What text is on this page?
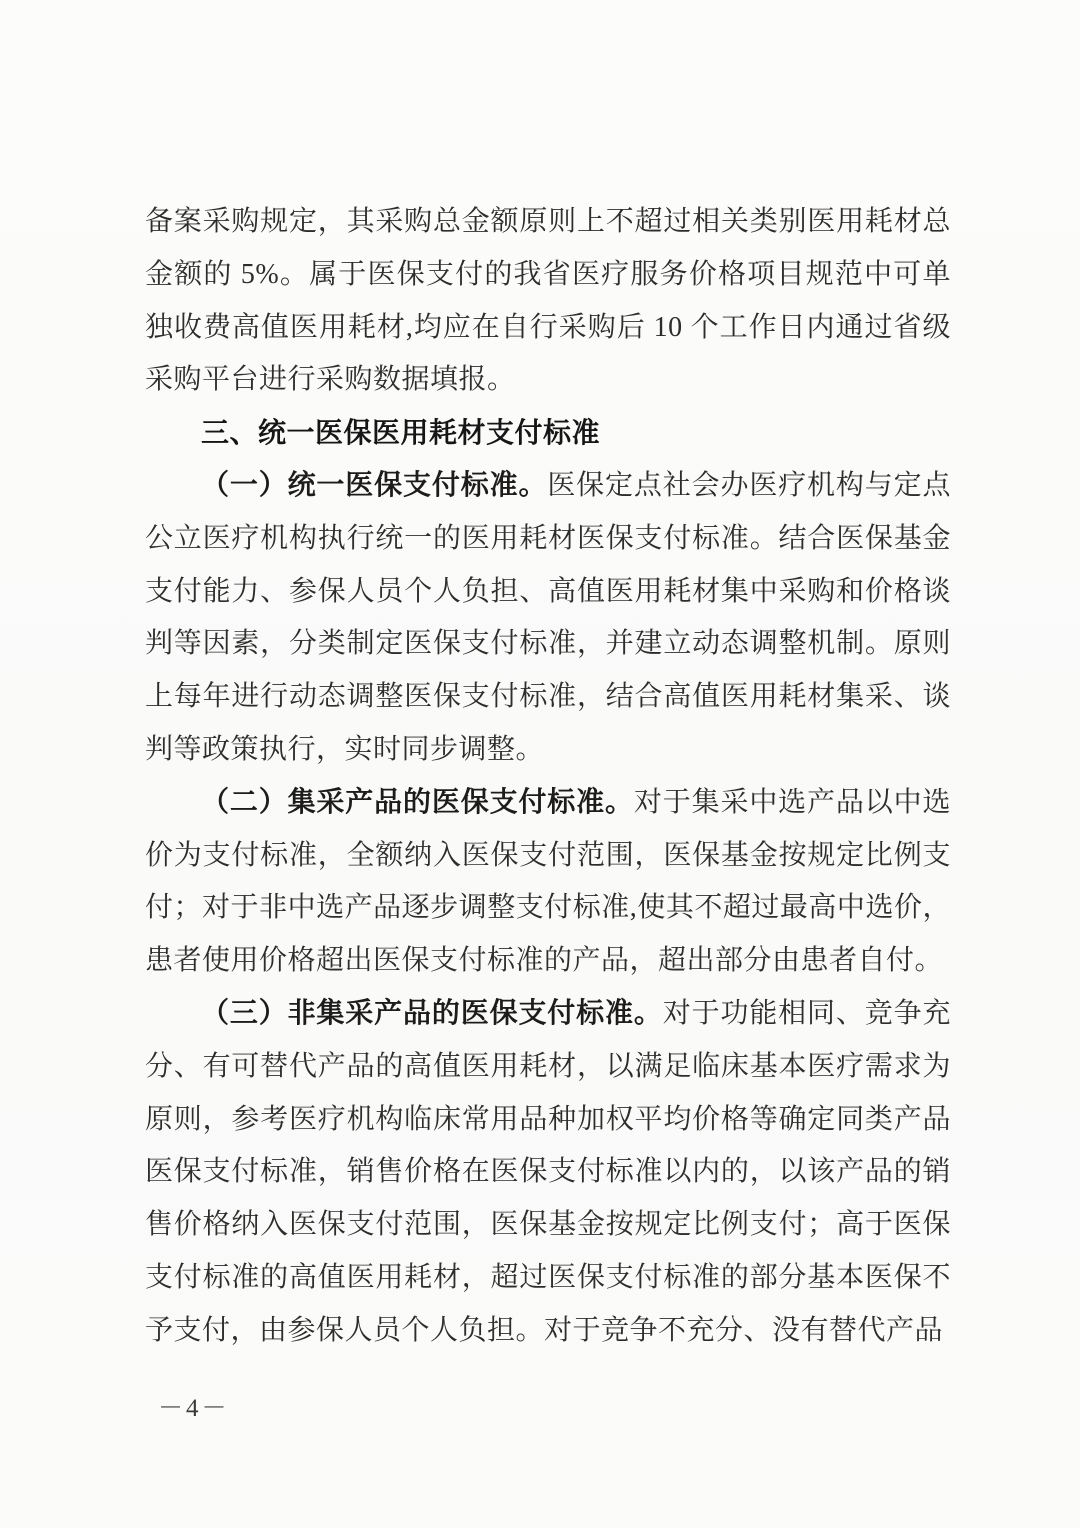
备案采购规定，其采购总金额原则上不超过相关类别医用耗材总金额的 5%。属于医保支付的我省医疗服务价格项目规范中可单独收费高值医用耗材,均应在自行采购后 10 个工作日内通过省级采购平台进行采购数据填报。

三、统一医保医用耗材支付标准

（一）统一医保支付标准。医保定点社会办医疗机构与定点公立医疗机构执行统一的医用耗材医保支付标准。结合医保基金支付能力、参保人员个人负担、高值医用耗材集中采购和价格谈判等因素，分类制定医保支付标准，并建立动态调整机制。原则上每年进行动态调整医保支付标准，结合高值医用耗材集采、谈判等政策执行，实时同步调整。

（二）集采产品的医保支付标准。对于集采中选产品以中选价为支付标准，全额纳入医保支付范围，医保基金按规定比例支付；对于非中选产品逐步调整支付标准,使其不超过最高中选价，患者使用价格超出医保支付标准的产品，超出部分由患者自付。

（三）非集采产品的医保支付标准。对于功能相同、竞争充分、有可替代产品的高值医用耗材，以满足临床基本医疗需求为原则，参考医疗机构临床常用品种加权平均价格等确定同类产品医保支付标准，销售价格在医保支付标准以内的，以该产品的销售价格纳入医保支付范围，医保基金按规定比例支付；高于医保支付标准的高值医用耗材，超过医保支付标准的部分基本医保不予支付，由参保人员个人负担。对于竞争不充分、没有替代产品

－4－
